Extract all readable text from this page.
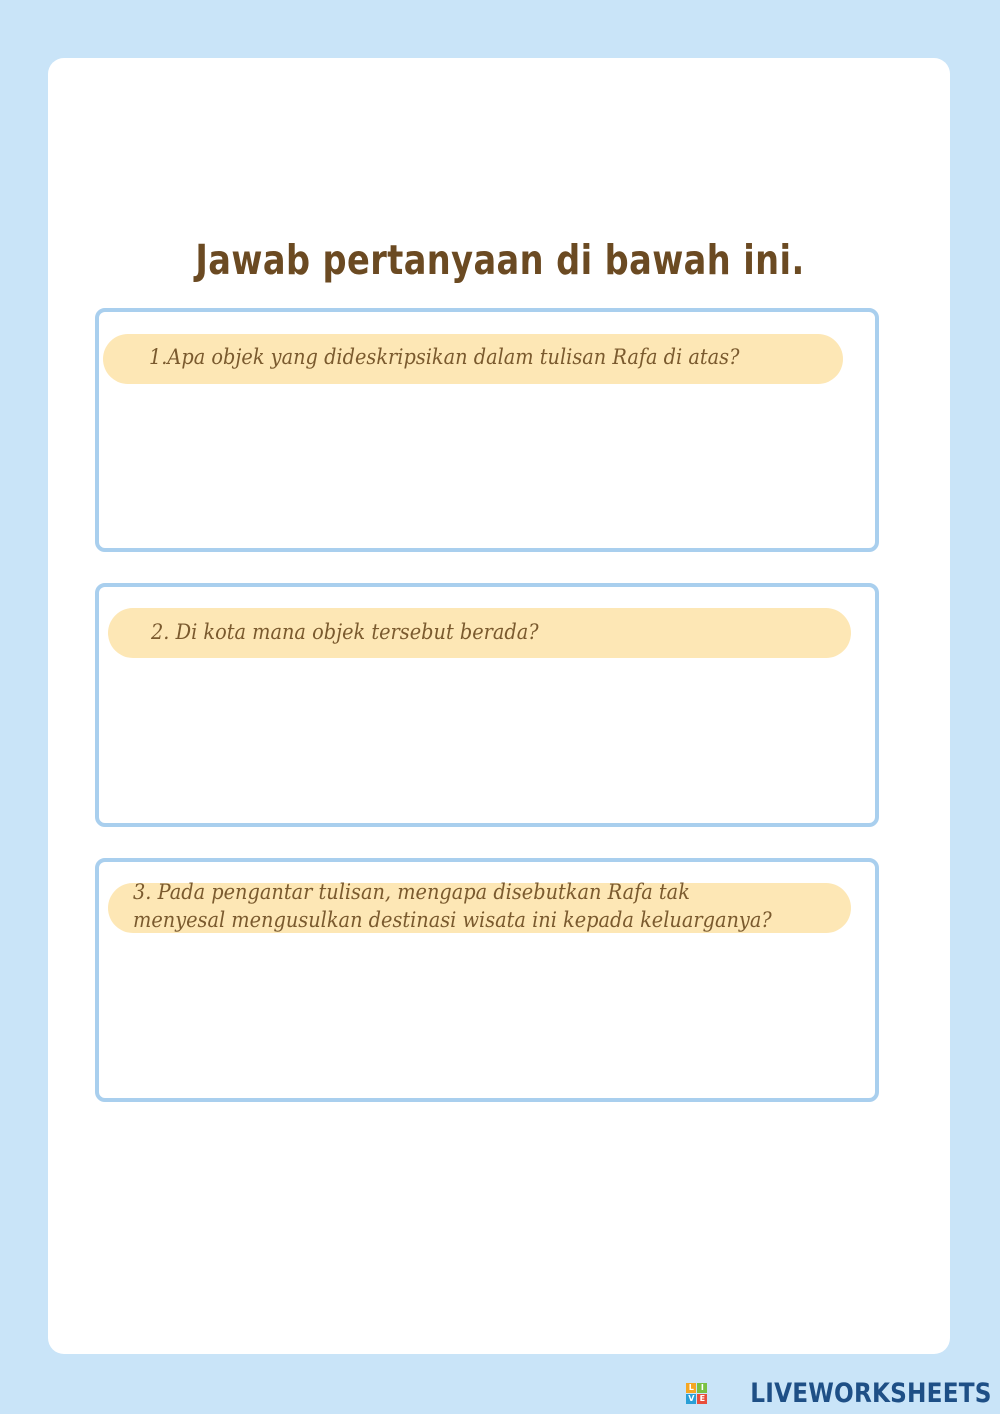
Jawab pertanyaan di bawah ini.
1.Apa objek yang dideskripsikan dalam tulisan Rafa di atas?
2. Di kota mana objek tersebut berada?
3. Pada pengantar tulisan, mengapa disebutkan Rafa tak menyesal mengusulkan destinasi wisata ini kepada keluarganya?
L I
V E LIVEWORKSHEETS
